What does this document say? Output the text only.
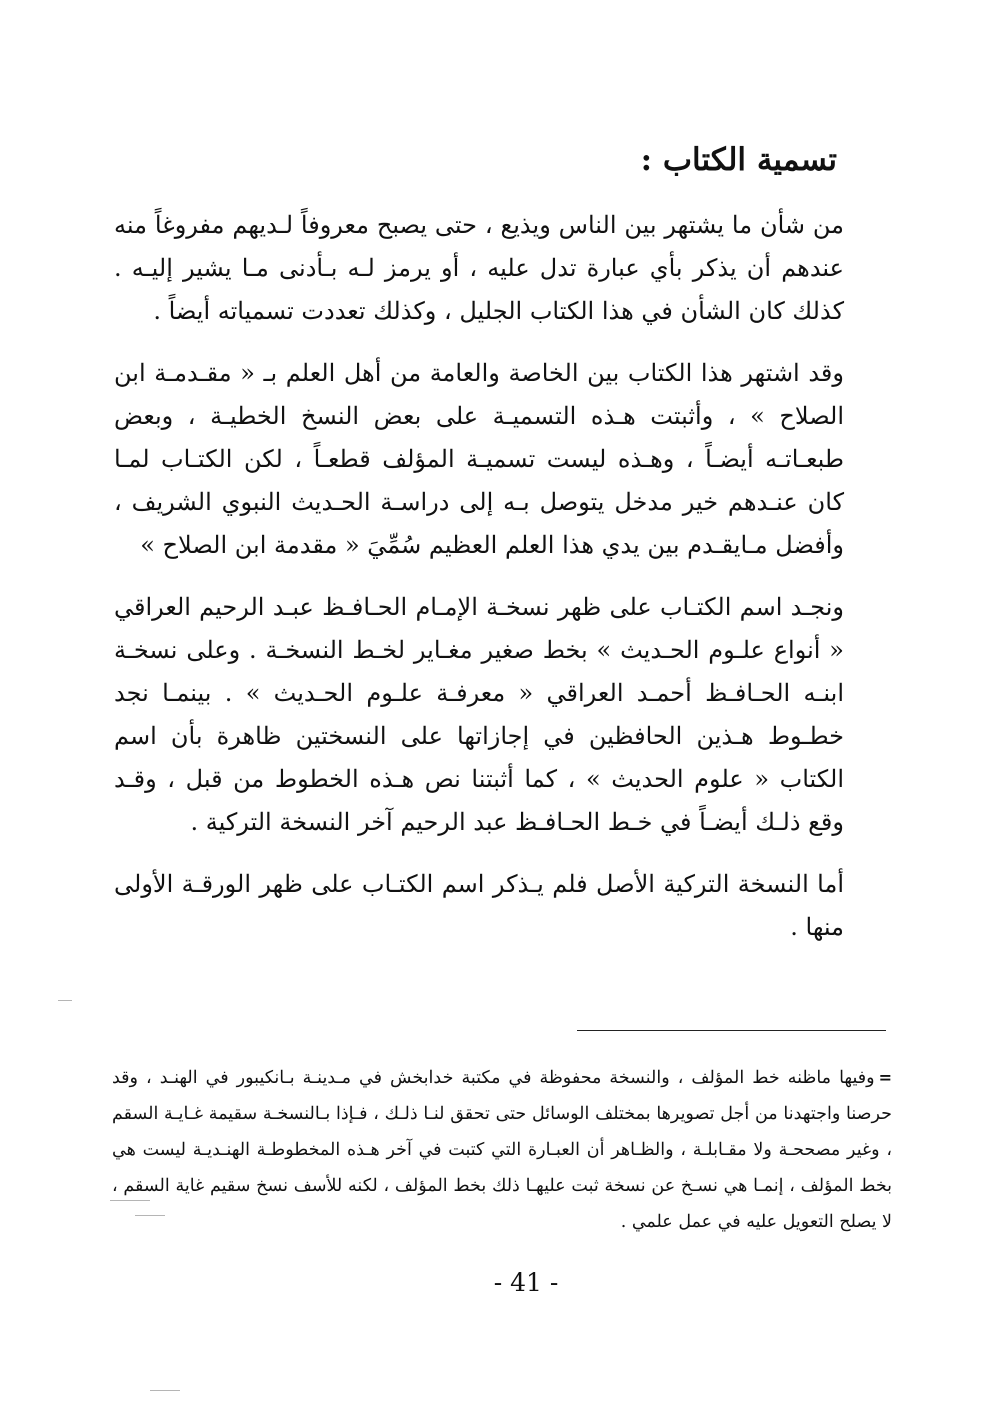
تسمية الكتاب :

من شأن ما يشتهر بين الناس ويذيع ، حتى يصبح معروفاً لـديهم مفروغاً منه عندهم أن يذكر بأي عبارة تدل عليه ، أو يرمز لـه بـأدنى مـا يشير إليـه . كذلك كان الشأن في هذا الكتاب الجليل ، وكذلك تعددت تسمياته أيضاً .

وقد اشتهر هذا الكتاب بين الخاصة والعامة من أهل العلم بـ « مقـدمـة ابن الصلاح » ، وأثبتت هـذه التسميـة على بعض النسخ الخطيـة ، وبعض طبعـاتـه أيضـاً ، وهـذه ليست تسميـة المؤلف قطعـاً ، لكن الكتـاب لمـا كان عنـدهم خير مدخل يتوصل بـه إلى دراسـة الحـديث النبوي الشريف ، وأفضل مـايقـدم بين يدي هذا العلم العظيم سُمِّيَ « مقدمة ابن الصلاح »

ونجـد اسم الكتـاب على ظهر نسخـة الإمـام الحـافـظ عبـد الرحيم العراقي « أنواع علـوم الحـديث » بخط صغير مغـاير لخـط النسخـة . وعلى نسخـة ابنـه الحـافـظ أحمـد العراقي « معرفـة علـوم الحـديث » . بينمـا نجد خطـوط هـذين الحافظين في إجازاتها على النسختين ظاهرة بأن اسم الكتاب « علوم الحديث » ، كما أثبتنا نص هـذه الخطوط من قبل ، وقـد وقع ذلـك أيضـاً في خـط الحـافـظ عبد الرحيم آخر النسخة التركية .

أما النسخة التركية الأصل فلم يـذكر اسم الكتـاب على ظهر الورقـة الأولى منها .

=وفيها ماظنه خط المؤلف ، والنسخة محفوظة في مكتبة خدابخش في مـدينـة بـانكيبور في الهنـد ، وقد حرصنا واجتهدنا من أجل تصويرها بمختلف الوسائل حتى تحقق لنـا ذلـك ، فـإذا بـالنسخـة سقيمة غـايـة السقم ، وغير مصححـة ولا مقـابلـة ، والظـاهر أن العبـارة التي كتبت في آخر هـذه المخطوطـة الهنـديـة ليست هي بخط المؤلف ، إنمـا هي نسـخ عن نسخة ثبت عليهـا ذلك بخط المؤلف ، لكنه للأسف نسخ سقيم غاية السقم ، لا يصلح التعويل عليه في عمل علمي .

- 41 -
